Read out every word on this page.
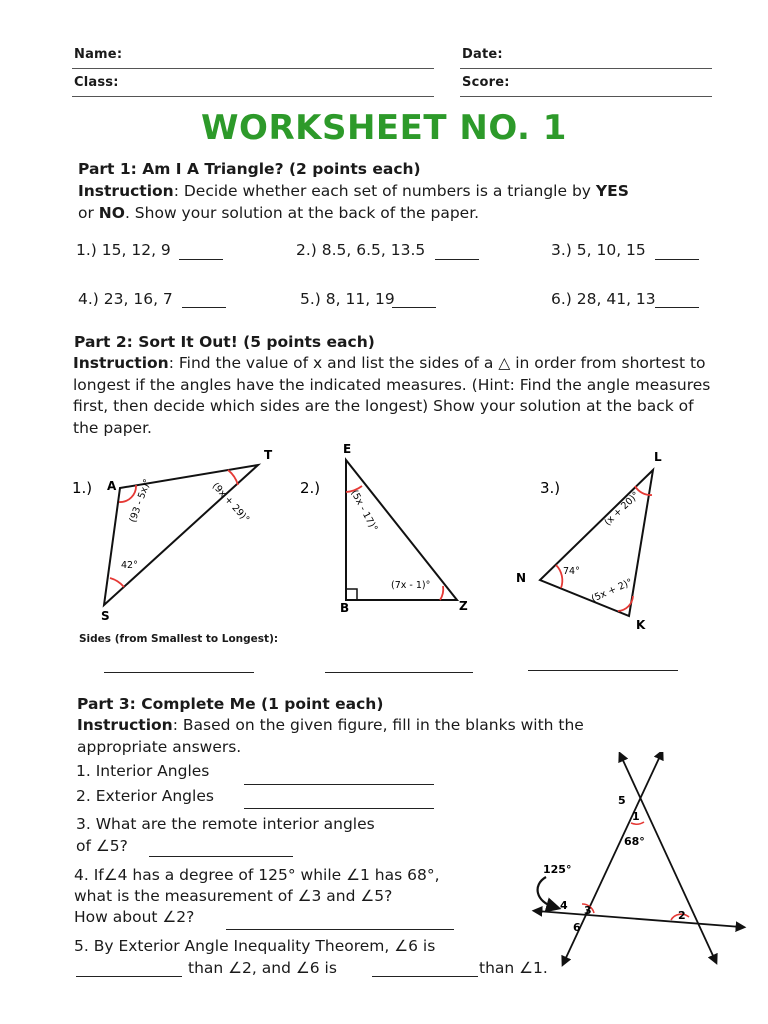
Name:	Date:
Class:	Score:
WORKSHEET NO. 1
Part 1: Am I A Triangle? (2 points each)
Instruction: Decide whether each set of numbers is a triangle by YES
or NO. Show your solution at the back of the paper.
1.) 15, 12, 9	2.) 8.5, 6.5, 13.5	3.) 5, 10, 15
4.) 23, 16, 7	5.) 8, 11, 19	6.) 28, 41, 13
Part 2: Sort It Out! (5 points each)
Instruction: Find the value of x and list the sides of a △ in order from shortest to longest if the angles have the indicated measures. (Hint: Find the angle measures first, then decide which sides are the longest) Show your solution at the back of the paper.
1.) A
T
S
(93 - 5x)°	(9x + 29)°
42°
2.)
E
B	Z
(5x - 17)°
(7x - 1)°
3.)
L
N
K
(x + 20)°
74°
(5x + 2)°
Sides (from Smallest to Longest):
Part 3: Complete Me (1 point each)
Instruction: Based on the given figure, fill in the blanks with the appropriate answers.
1. Interior Angles
2. Exterior Angles
3. What are the remote interior angles
of ∠5?
4. If∠4 has a degree of 125° while ∠1 has 68°,
what is the measurement of ∠3 and ∠5?
How about ∠2?
5. By Exterior Angle Inequality Theorem, ∠6 is
than ∠2, and ∠6 is	than ∠1.
5
1
68°
125°
4 3	2
6
